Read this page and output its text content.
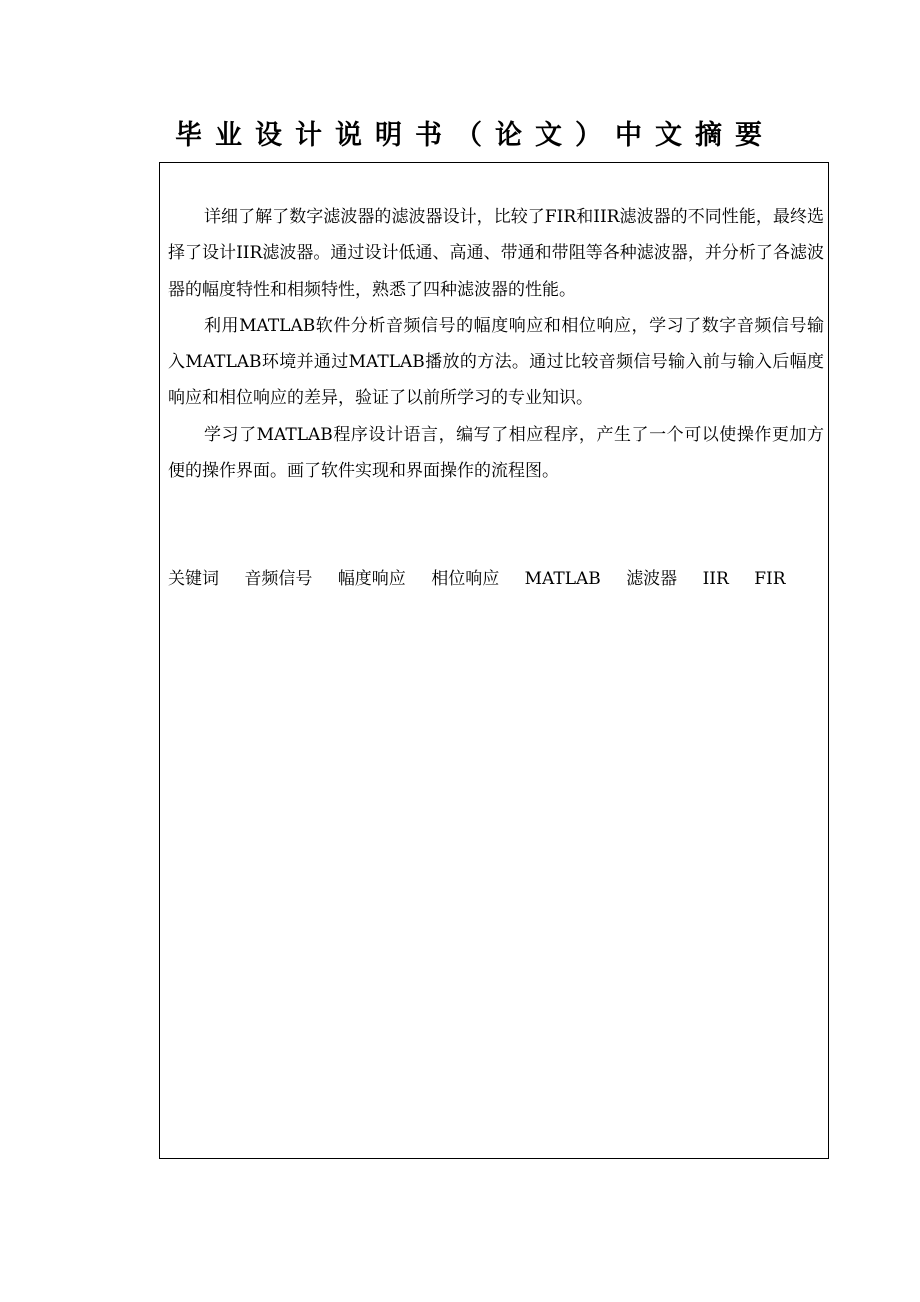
毕业设计说明书（论文）中文摘要

详细了解了数字滤波器的滤波器设计，比较了FIR和IIR滤波器的不同性能，最终选择了设计IIR滤波器。通过设计低通、高通、带通和带阻等各种滤波器，并分析了各滤波器的幅度特性和相频特性，熟悉了四种滤波器的性能。

利用MATLAB软件分析音频信号的幅度响应和相位响应，学习了数字音频信号输入MATLAB环境并通过MATLAB播放的方法。通过比较音频信号输入前与输入后幅度响应和相位响应的差异，验证了以前所学习的专业知识。

学习了MATLAB程序设计语言，编写了相应程序，产生了一个可以使操作更加方便的操作界面。画了软件实现和界面操作的流程图。

关键词 音频信号 幅度响应 相位响应 MATLAB 滤波器 IIR FIR
